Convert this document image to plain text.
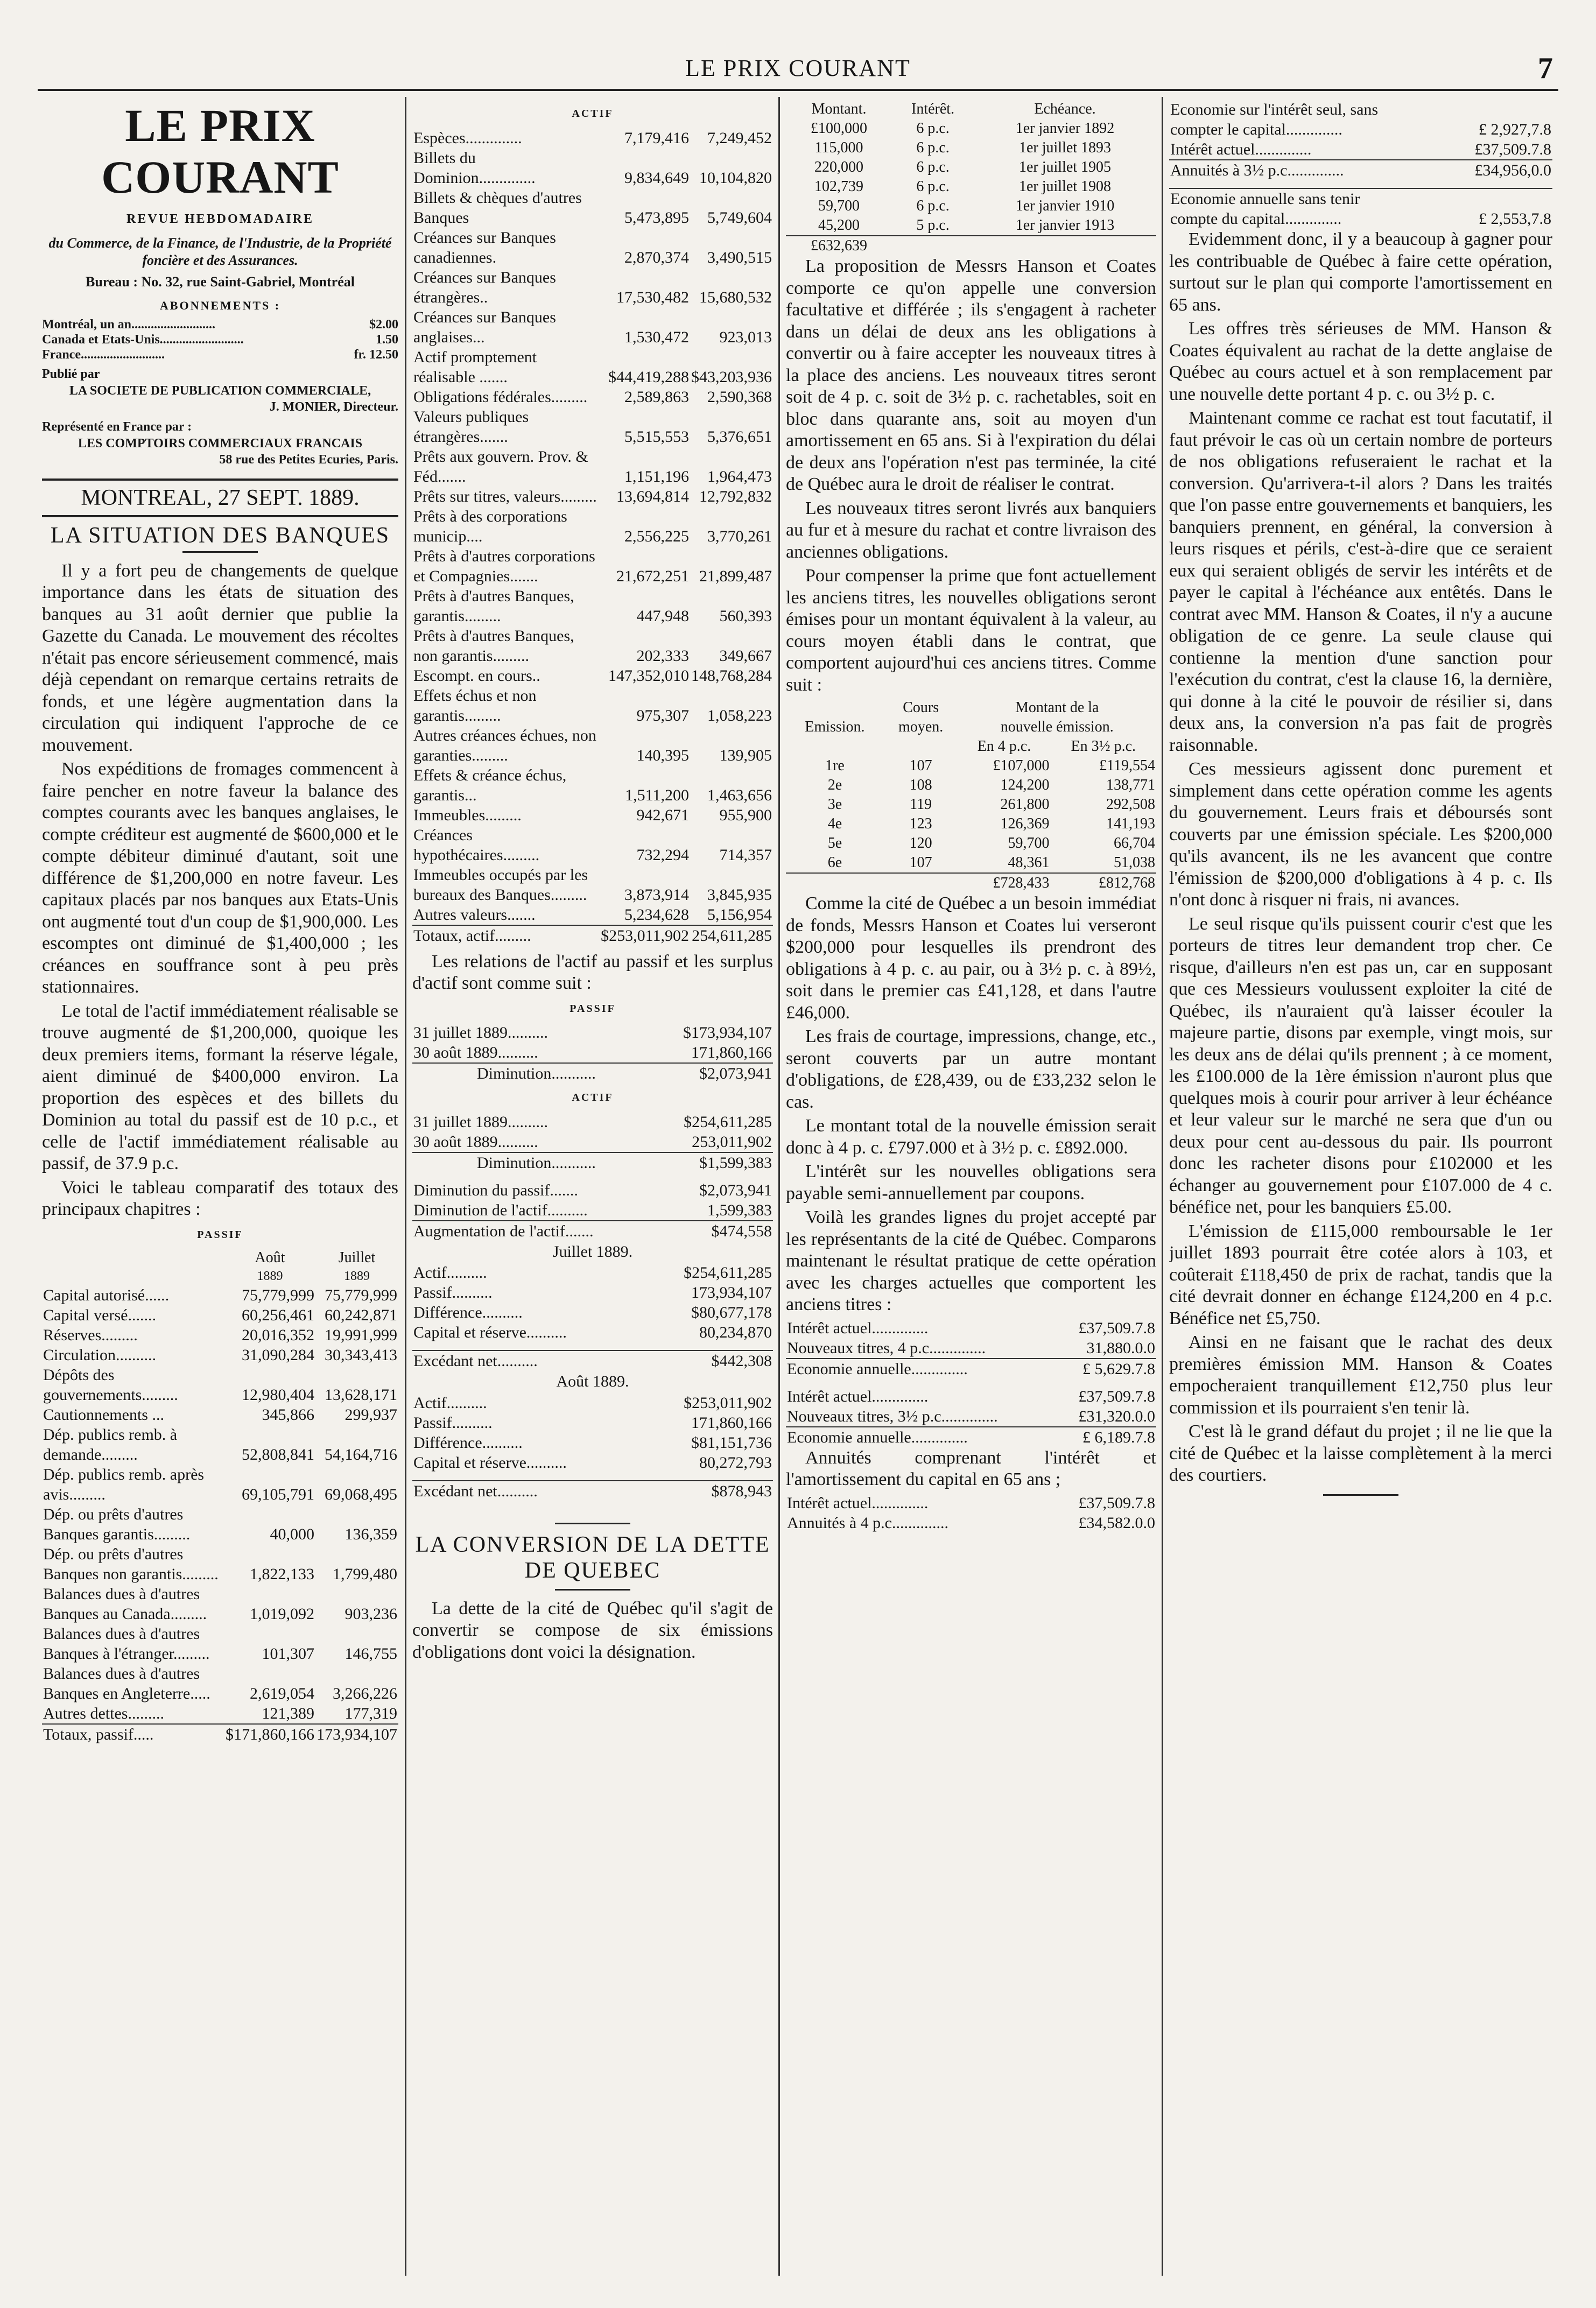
LE PRIX COURANT	7
LE PRIX COURANT
REVUE HEBDOMADAIRE
du Commerce, de la Finance, de l'Industrie, de la Propriété foncière et des Assurances.
Bureau : No. 32, rue Saint-Gabriel, Montréal
ABONNEMENTS :
Montréal, un an..........................	$2.00
Canada et Etats-Unis..........................	1.50
France..........................	fr. 12.50
Publié par
LA SOCIETE DE PUBLICATION COMMERCIALE,
J. MONIER, Directeur.
Représenté en France par :
LES COMPTOIRS COMMERCIAUX FRANCAIS
58 rue des Petites Ecuries, Paris.
MONTREAL, 27 SEPT. 1889.
LA SITUATION DES BANQUES

Il y a fort peu de changements de quelque importance dans les états de situation des banques au 31 août dernier que publie la Gazette du Canada. Le mouvement des récoltes n'était pas encore sérieusement commencé, mais déjà cependant on remarque certains retraits de fonds, et une légère augmentation dans la circulation qui indiquent l'approche de ce mouvement.

Nos expéditions de fromages commencent à faire pencher en notre faveur la balance des comptes courants avec les banques anglaises, le compte créditeur est augmenté de $600,000 et le compte débiteur diminué d'autant, soit une différence de $1,200,000 en notre faveur. Les capitaux placés par nos banques aux Etats-Unis ont augmenté tout d'un coup de $1,900,000. Les escomptes ont diminué de $1,400,000 ; les créances en souffrance sont à peu près stationnaires.

Le total de l'actif immédiatement réalisable se trouve augmenté de $1,200,000, quoique les deux premiers items, formant la réserve légale, aient diminué de $400,000 environ. La proportion des espèces et des billets du Dominion au total du passif est de 10 p.c., et celle de l'actif immédiatement réalisable au passif, de 37.9 p.c.

Voici le tableau comparatif des totaux des principaux chapitres :

PASSIF
	Août	Juillet
	1889	1889
Capital autorisé......	75,779,999	75,779,999
Capital versé.......	60,256,461	60,242,871
Réserves.........	20,016,352	19,991,999
Circulation..........	31,090,284	30,343,413
Dépôts des gouvernements.........	12,980,404	13,628,171
Cautionnements ...	345,866	299,937
Dép. publics remb. à demande.........	52,808,841	54,164,716
Dép. publics remb. après avis.........	69,105,791	69,068,495
Dép. ou prêts d'autres Banques garantis.........	40,000	136,359
Dép. ou prêts d'autres Banques non garantis.........	1,822,133	1,799,480
Balances dues à d'autres Banques au Canada.........	1,019,092	903,236
Balances dues à d'autres Banques à l'étranger.........	101,307	146,755
Balances dues à d'autres Banques en Angleterre.....	2,619,054	3,266,226
Autres dettes.........	121,389	177,319
Totaux, passif.....	$171,860,166	173,934,107
ACTIF
Espèces..............	7,179,416	7,249,452
Billets du Dominion..............	9,834,649	10,104,820
Billets & chèques d'autres Banques	5,473,895	5,749,604
Créances sur Banques canadiennes.	2,870,374	3,490,515
Créances sur Banques étrangères..	17,530,482	15,680,532
Créances sur Banques anglaises...	1,530,472	923,013
Actif promptement réalisable .......	$44,419,288	$43,203,936
Obligations fédérales.........	2,589,863	2,590,368
Valeurs publiques étrangères.......	5,515,553	5,376,651
Prêts aux gouvern. Prov. & Féd.......	1,151,196	1,964,473
Prêts sur titres, valeurs.........	13,694,814	12,792,832
Prêts à des corporations municip....	2,556,225	3,770,261
Prêts à d'autres corporations et Compagnies.......	21,672,251	21,899,487
Prêts à d'autres Banques, garantis.........	447,948	560,393
Prêts à d'autres Banques, non garantis.........	202,333	349,667
Escompt. en cours..	147,352,010	148,768,284
Effets échus et non garantis.........	975,307	1,058,223
Autres créances échues, non garanties.........	140,395	139,905
Effets & créance échus, garantis...	1,511,200	1,463,656
Immeubles.........	942,671	955,900
Créances hypothécaires.........	732,294	714,357
Immeubles occupés par les bureaux des Banques.........	3,873,914	3,845,935
Autres valeurs.......	5,234,628	5,156,954
Totaux, actif.........	$253,011,902	254,611,285

Les relations de l'actif au passif et les surplus d'actif sont comme suit :

PASSIF
31 juillet 1889..........	$173,934,107
30 août 1889..........	171,860,166
Diminution...........	$2,073,941
ACTIF
31 juillet 1889..........	$254,611,285
30 août 1889..........	253,011,902
Diminution...........	$1,599,383

Diminution du passif.......	$2,073,941
Diminution de l'actif..........	1,599,383
Augmentation de l'actif.......	$474,558
Juillet 1889.
Actif..........	$254,611,285
Passif..........	173,934,107
Différence..........	$80,677,178
Capital et réserve..........	80,234,870

Excédant net..........	$442,308
Août 1889.
Actif..........	$253,011,902
Passif..........	171,860,166
Différence..........	$81,151,736
Capital et réserve..........	80,272,793

Excédant net..........	$878,943
LA CONVERSION DE LA DETTE DE QUEBEC

La dette de la cité de Québec qu'il s'agit de convertir se compose de six émissions d'obligations dont voici la désignation.

Montant.	Intérêt.	Echéance.
£100,000	6 p.c.	1er janvier 1892
115,000	6 p.c.	1er juillet 1893
220,000	6 p.c.	1er juillet 1905
102,739	6 p.c.	1er juillet 1908
59,700	6 p.c.	1er janvier 1910
45,200	5 p.c.	1er janvier 1913
£632,639		

La proposition de Messrs Hanson et Coates comporte ce qu'on appelle une conversion facultative et différée ; ils s'engagent à racheter dans un délai de deux ans les obligations à convertir ou à faire accepter les nouveaux titres à la place des anciens. Les nouveaux titres seront soit de 4 p. c. soit de 3½ p. c. rachetables, soit en bloc dans quarante ans, soit au moyen d'un amortissement en 65 ans. Si à l'expiration du délai de deux ans l'opération n'est pas terminée, la cité de Québec aura le droit de réaliser le contrat.

Les nouveaux titres seront livrés aux banquiers au fur et à mesure du rachat et contre livraison des anciennes obligations.

Pour compenser la prime que font actuellement les anciens titres, les nouvelles obligations seront émises pour un montant équivalent à la valeur, au cours moyen établi dans le contrat, que comportent aujourd'hui ces anciens titres. Comme suit :

	Cours	Montant de la	
Emission.	moyen.	nouvelle émission.	
		En 4 p.c.	En 3½ p.c.
1re	107	£107,000	£119,554
2e	108	124,200	138,771
3e	119	261,800	292,508
4e	123	126,369	141,193
5e	120	59,700	66,704
6e	107	48,361	51,038
		£728,433	£812,768

Comme la cité de Québec a un besoin immédiat de fonds, Messrs Hanson et Coates lui verseront $200,000 pour lesquelles ils prendront des obligations à 4 p. c. au pair, ou à 3½ p. c. à 89½, soit dans le premier cas £41,128, et dans l'autre £46,000.

Les frais de courtage, impressions, change, etc., seront couverts par un autre montant d'obligations, de £28,439, ou de £33,232 selon le cas.

Le montant total de la nouvelle émission serait donc à 4 p. c. £797.000 et à 3½ p. c. £892.000.

L'intérêt sur les nouvelles obligations sera payable semi-annuellement par coupons.

Voilà les grandes lignes du projet accepté par les représentants de la cité de Québec. Comparons maintenant le résultat pratique de cette opération avec les charges actuelles que comportent les anciens titres :

Intérêt actuel..............	£37,509.7.8
Nouveaux titres, 4 p.c..............	31,880.0.0
Economie annuelle..............	£ 5,629.7.8

Intérêt actuel..............	£37,509.7.8
Nouveaux titres, 3½ p.c..............	£31,320.0.0
Economie annuelle..............	£ 6,189.7.8

Annuités comprenant l'intérêt et l'amortissement du capital en 65 ans ;

Intérêt actuel..............	£37,509.7.8
Annuités à 4 p.c..............	£34,582.0.0
Economie sur l'intérêt seul, sans compter le capital..............	£ 2,927,7.8
Intérêt actuel..............	£37,509.7.8
Annuités à 3½ p.c..............	£34,956,0.0

Economie annuelle sans tenir compte du capital..............	£ 2,553,7.8

Evidemment donc, il y a beaucoup à gagner pour les contribuable de Québec à faire cette opération, surtout sur le plan qui comporte l'amortissement en 65 ans.

Les offres très sérieuses de MM. Hanson & Coates équivalent au rachat de la dette anglaise de Québec au cours actuel et à son remplacement par une nouvelle dette portant 4 p. c. ou 3½ p. c.

Maintenant comme ce rachat est tout facutatif, il faut prévoir le cas où un certain nombre de porteurs de nos obligations refuseraient le rachat et la conversion. Qu'arrivera-t-il alors ? Dans les traités que l'on passe entre gouvernements et banquiers, les banquiers prennent, en général, la conversion à leurs risques et périls, c'est-à-dire que ce seraient eux qui seraient obligés de servir les intérêts et de payer le capital à l'échéance aux entêtés. Dans le contrat avec MM. Hanson & Coates, il n'y a aucune obligation de ce genre. La seule clause qui contienne la mention d'une sanction pour l'exécution du contrat, c'est la clause 16, la dernière, qui donne à la cité le pouvoir de résilier si, dans deux ans, la conversion n'a pas fait de progrès raisonnable.

Ces messieurs agissent donc purement et simplement dans cette opération comme les agents du gouvernement. Leurs frais et déboursés sont couverts par une émission spéciale. Les $200,000 qu'ils avancent, ils ne les avancent que contre l'émission de $200,000 d'obligations à 4 p. c. Ils n'ont donc à risquer ni frais, ni avances.

Le seul risque qu'ils puissent courir c'est que les porteurs de titres leur demandent trop cher. Ce risque, d'ailleurs n'en est pas un, car en supposant que ces Messieurs voulussent exploiter la cité de Québec, ils n'auraient qu'à laisser écouler la majeure partie, disons par exemple, vingt mois, sur les deux ans de délai qu'ils prennent ; à ce moment, les £100.000 de la 1ère émission n'auront plus que quelques mois à courir pour arriver à leur échéance et leur valeur sur le marché ne sera que d'un ou deux pour cent au-dessous du pair. Ils pourront donc les racheter disons pour £102000 et les échanger au gouvernement pour £107.000 de 4 c. bénéfice net, pour les banquiers £5.00.

L'émission de £115,000 remboursable le 1er juillet 1893 pourrait être cotée alors à 103, et coûterait £118,450 de prix de rachat, tandis que la cité devrait donner en échange £124,200 en 4 p.c. Bénéfice net £5,750.

Ainsi en ne faisant que le rachat des deux premières émission MM. Hanson & Coates empocheraient tranquillement £12,750 plus leur commission et ils pourraient s'en tenir là.

C'est là le grand défaut du projet ; il ne lie que la cité de Québec et la laisse complètement à la merci des courtiers.
